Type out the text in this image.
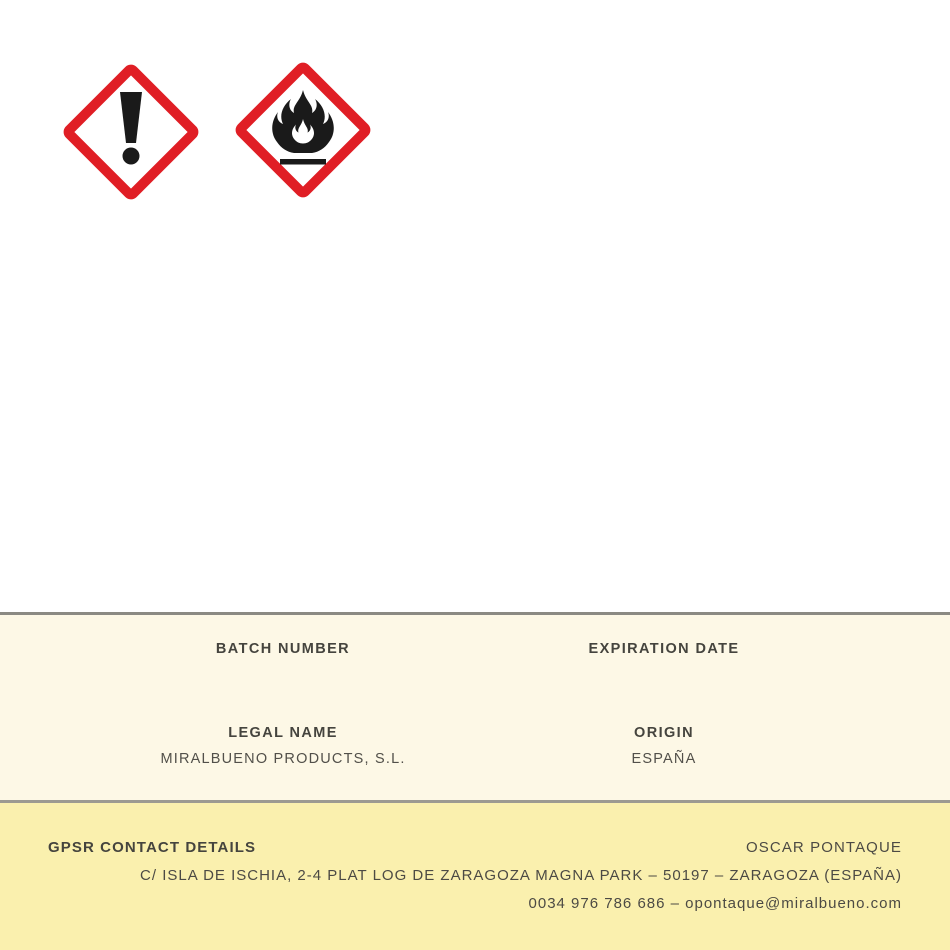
BATCH NUMBER	EXPIRATION DATE
LEGAL NAME
MIRALBUENO PRODUCTS, S.L.
ORIGIN
ESPAÑA
GPSR CONTACT DETAILS	OSCAR PONTAQUE
C/ ISLA DE ISCHIA, 2-4 PLAT LOG DE ZARAGOZA MAGNA PARK – 50197 – ZARAGOZA (ESPAÑA)
0034 976 786 686 – opontaque@miralbueno.com
